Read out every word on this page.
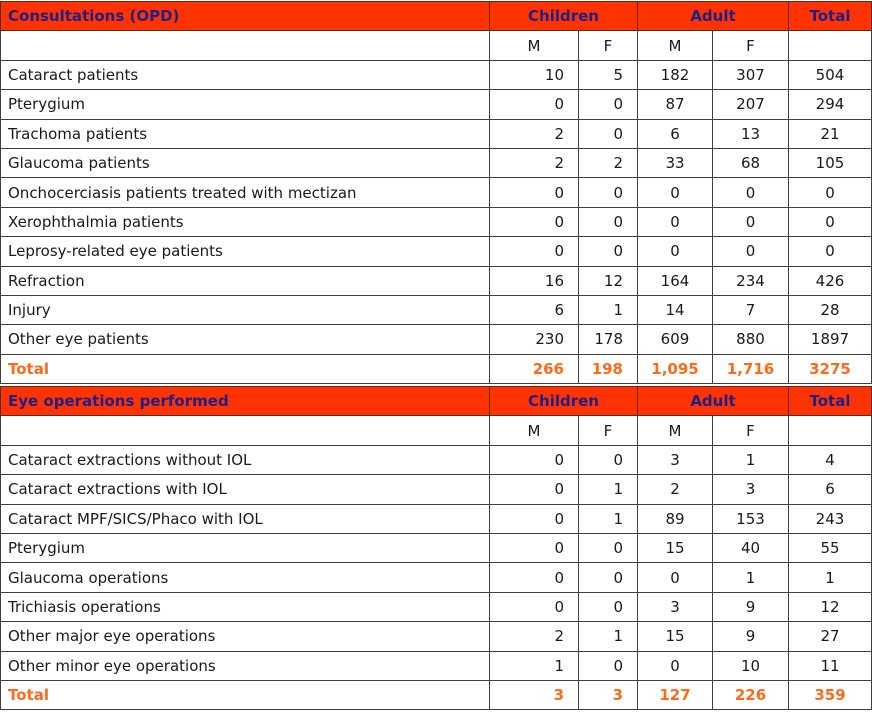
Consultations (OPD)	Children		Adult		Total
	M	F	M	F	
Cataract patients	10	5	182	307	504
Pterygium	0	0	87	207	294
Trachoma patients	2	0	6	13	21
Glaucoma patients	2	2	33	68	105
Onchocerciasis patients treated with mectizan	0	0	0	0	0
Xerophthalmia patients	0	0	0	0	0
Leprosy-related eye patients	0	0	0	0	0
Refraction	16	12	164	234	426
Injury	6	1	14	7	28
Other eye patients	230	178	609	880	1897
Total	266	198	1,095	1,716	3275
Eye operations performed	Children		Adult		Total
	M	F	M	F	
Cataract extractions without IOL	0	0	3	1	4
Cataract extractions with IOL	0	1	2	3	6
Cataract MPF/SICS/Phaco with IOL	0	1	89	153	243
Pterygium	0	0	15	40	55
Glaucoma operations	0	0	0	1	1
Trichiasis operations	0	0	3	9	12
Other major eye operations	2	1	15	9	27
Other minor eye operations	1	0	0	10	11
Total	3	3	127	226	359
